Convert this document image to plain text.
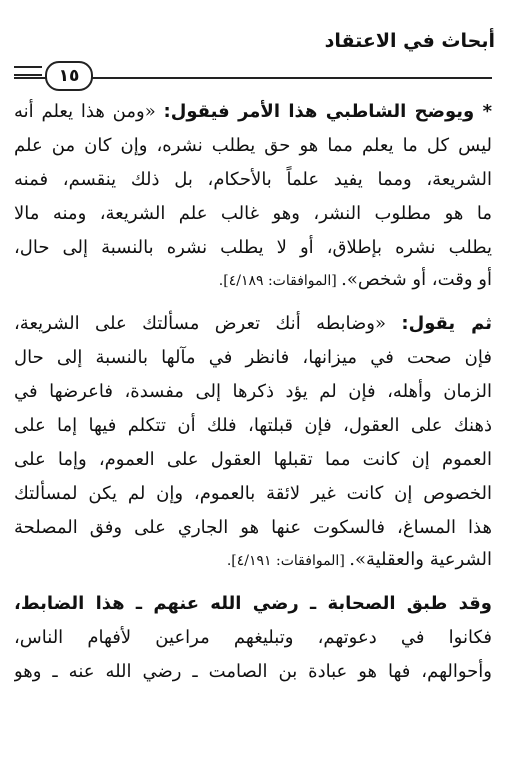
أبحاث في الاعتقاد
١٥
* ويوضح الشاطبي هذا الأمر فيقول: «ومن هذا يعلم أنه
ليس كل ما يعلم مما هو حق يطلب نشره، وإن كان من علم
الشريعة، ومما يفيد علماً بالأحكام، بل ذلك ينقسم، فمنه
ما هو مطلوب النشر، وهو غالب علم الشريعة، ومنه مالا
يطلب نشره بإطلاق، أو لا يطلب نشره بالنسبة إلى حال،
أو وقت، أو شخص». [الموافقات: ٤/١٨٩].
ثم يقول: «وضابطه أنك تعرض مسألتك على الشريعة،
فإن صحت في ميزانها، فانظر في مآلها بالنسبة إلى حال
الزمان وأهله، فإن لم يؤد ذكرها إلى مفسدة، فاعرضها في
ذهنك على العقول، فإن قبلتها، فلك أن تتكلم فيها إما على
العموم إن كانت مما تقبلها العقول على العموم، وإما على
الخصوص إن كانت غير لائقة بالعموم، وإن لم يكن لمسألتك
هذا المساغ، فالسكوت عنها هو الجاري على وفق المصلحة
الشرعية والعقلية». [الموافقات: ٤/١٩١].
وقد طبق الصحابة ـ رضي الله عنهم ـ هذا الضابط،
فكانوا في دعوتهم، وتبليغهم مراعين لأفهام الناس،
وأحوالهم، فها هو عبادة بن الصامت ـ رضي الله عنه ـ وهو
